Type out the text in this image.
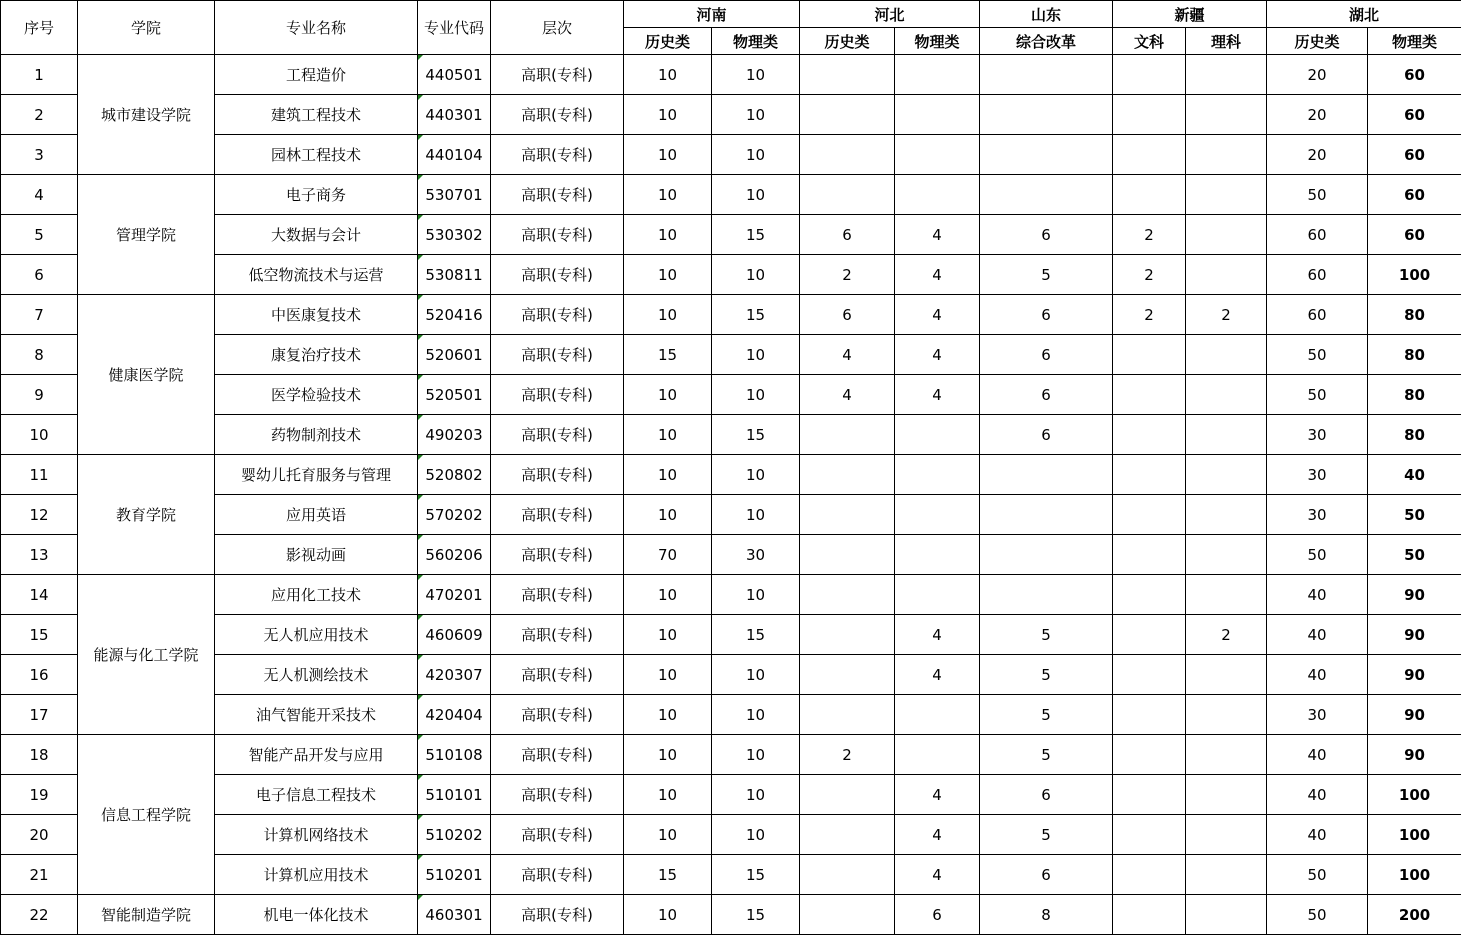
序号	学院	专业名称	专业代码	层次	河南		河北		山东	新疆		湖北	
					历史类	物理类	历史类	物理类	综合改革	文科	理科	历史类	物理类
1	城市建设学院	工程造价	440501	高职(专科)	10	10						20	60
2		建筑工程技术	440301	高职(专科)	10	10						20	60
3		园林工程技术	440104	高职(专科)	10	10						20	60
4	管理学院	电子商务	530701	高职(专科)	10	10						50	60
5		大数据与会计	530302	高职(专科)	10	15	6	4	6	2		60	60
6		低空物流技术与运营	530811	高职(专科)	10	10	2	4	5	2		60	100
7	健康医学院	中医康复技术	520416	高职(专科)	10	15	6	4	6	2	2	60	80
8		康复治疗技术	520601	高职(专科)	15	10	4	4	6			50	80
9		医学检验技术	520501	高职(专科)	10	10	4	4	6			50	80
10		药物制剂技术	490203	高职(专科)	10	15			6			30	80
11	教育学院	婴幼儿托育服务与管理	520802	高职(专科)	10	10						30	40
12		应用英语	570202	高职(专科)	10	10						30	50
13		影视动画	560206	高职(专科)	70	30						50	50
14	能源与化工学院	应用化工技术	470201	高职(专科)	10	10						40	90
15		无人机应用技术	460609	高职(专科)	10	15		4	5		2	40	90
16		无人机测绘技术	420307	高职(专科)	10	10		4	5			40	90
17		油气智能开采技术	420404	高职(专科)	10	10			5			30	90
18	信息工程学院	智能产品开发与应用	510108	高职(专科)	10	10	2		5			40	90
19		电子信息工程技术	510101	高职(专科)	10	10		4	6			40	100
20		计算机网络技术	510202	高职(专科)	10	10		4	5			40	100
21		计算机应用技术	510201	高职(专科)	15	15		4	6			50	100
22	智能制造学院	机电一体化技术	460301	高职(专科)	10	15		6	8			50	200
